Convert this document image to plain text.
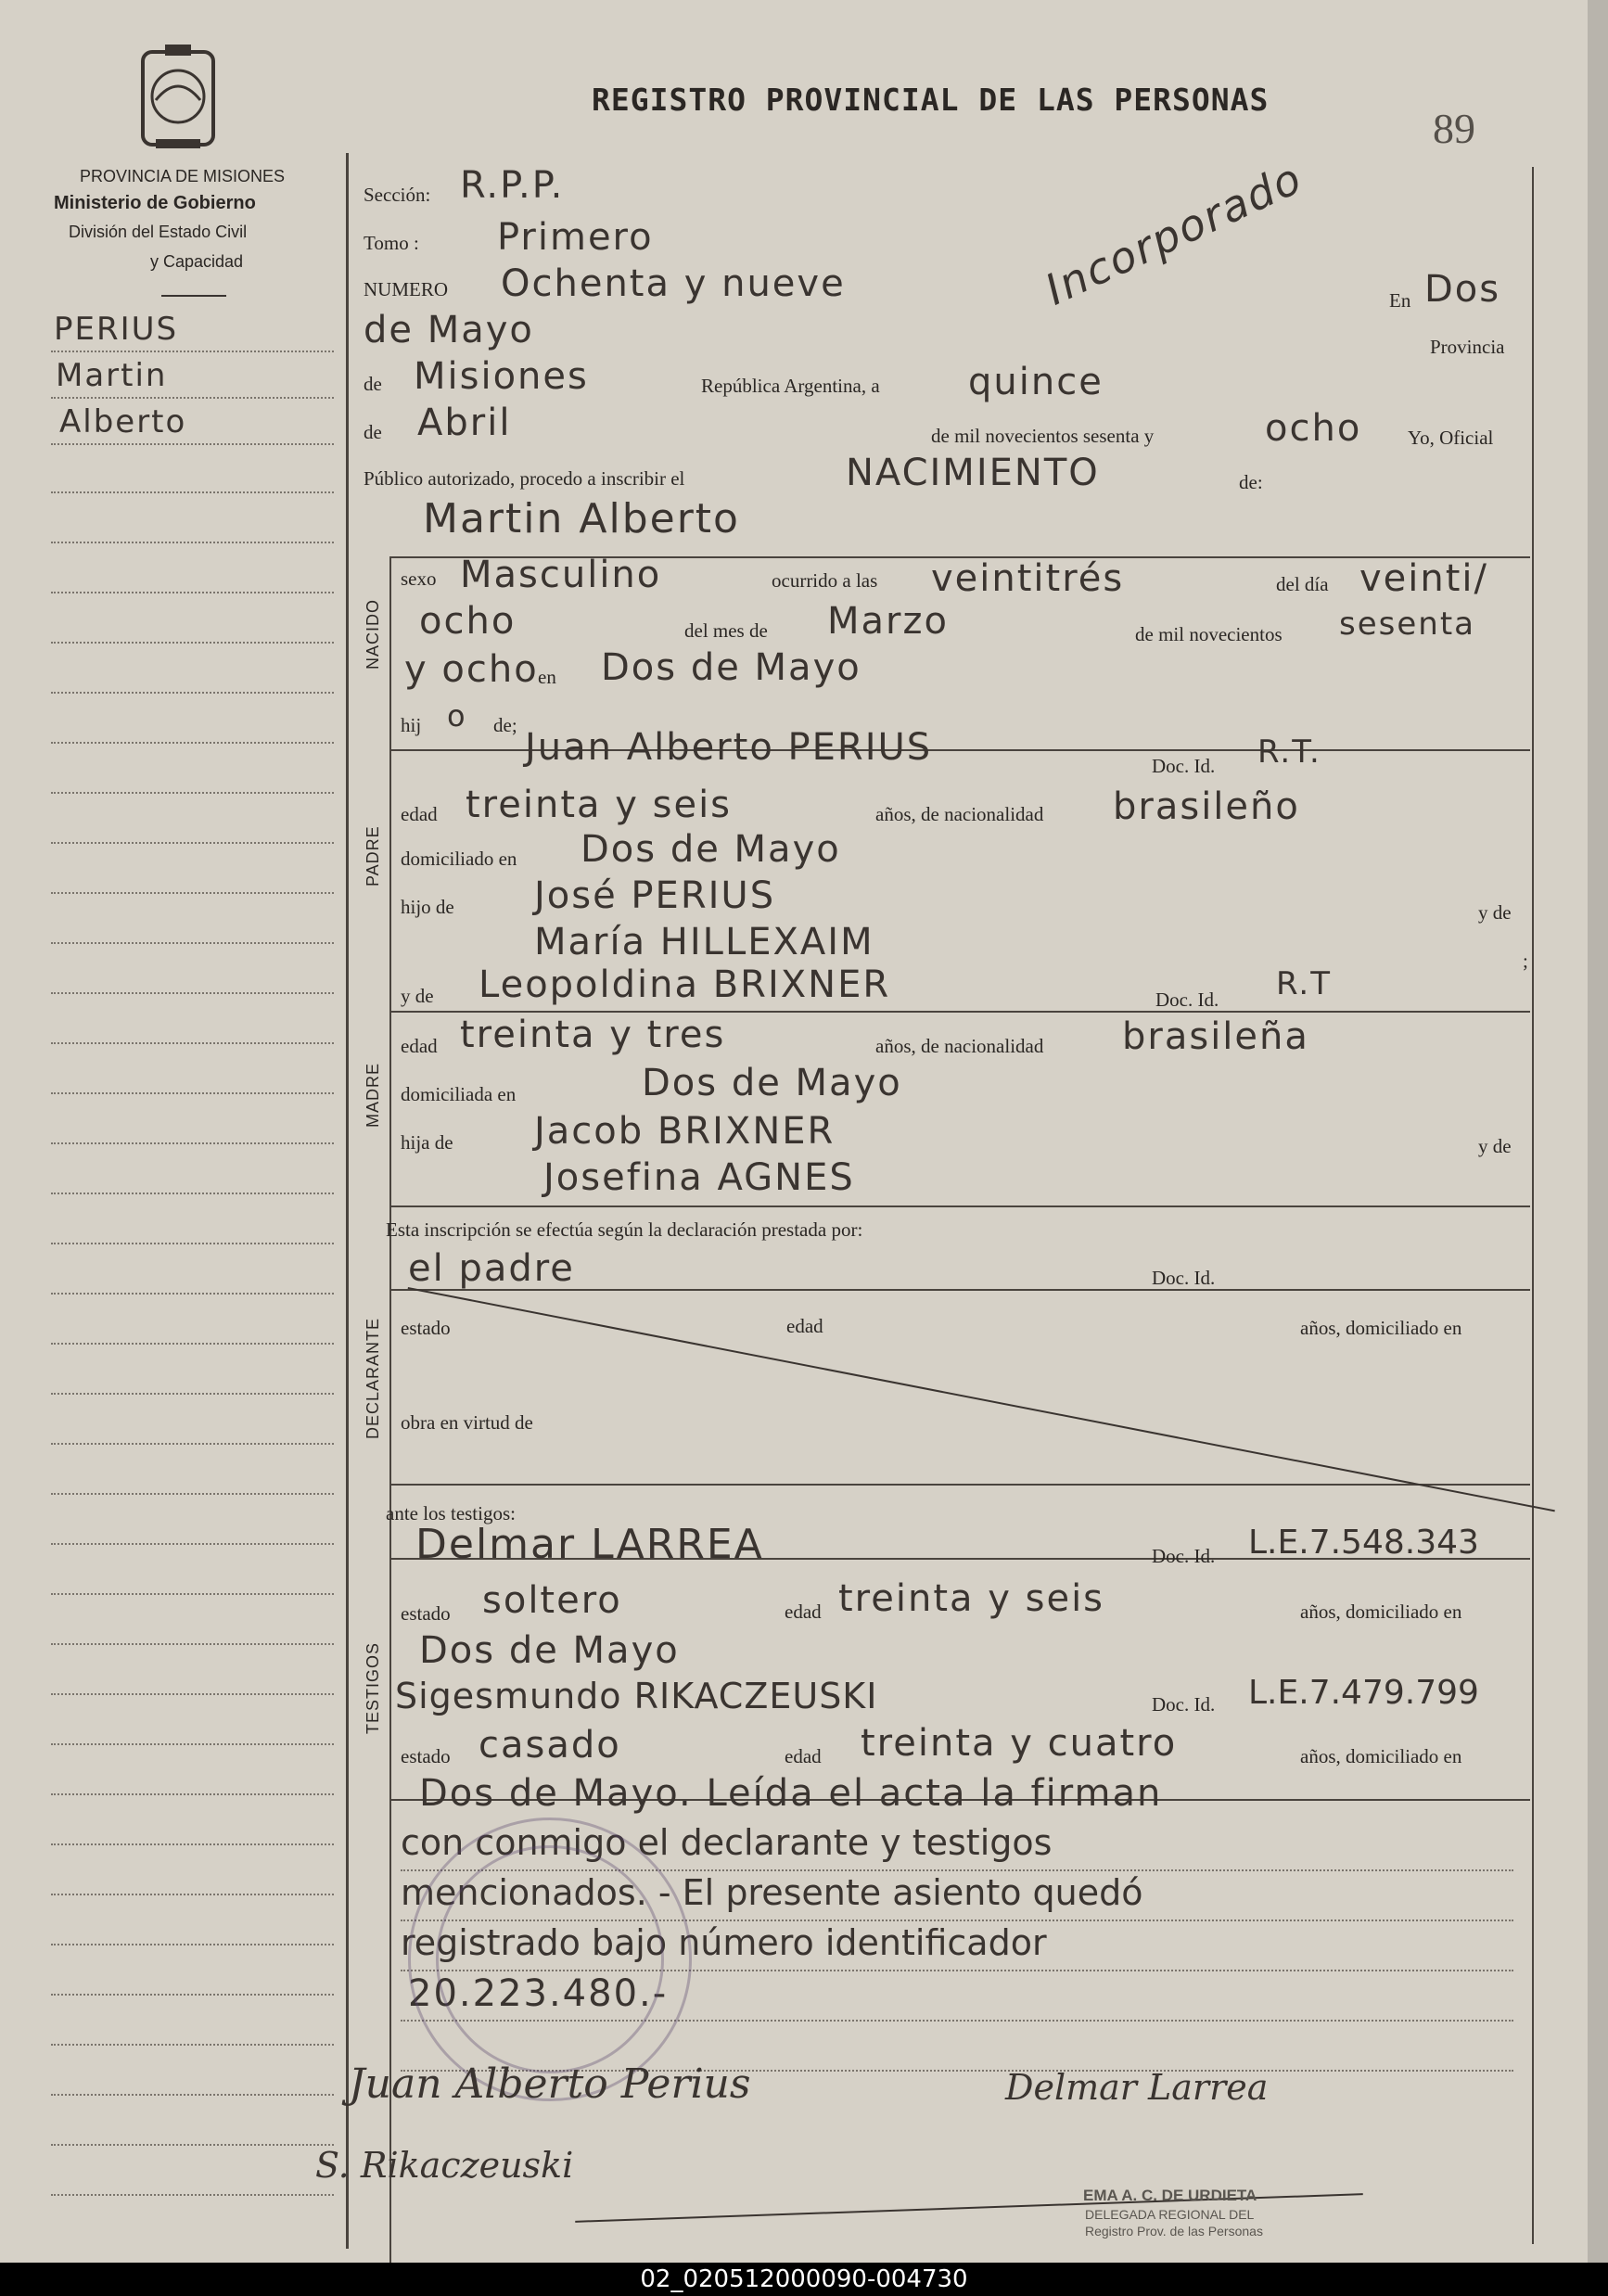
PROVINCIA DE MISIONES
Ministerio de Gobierno
División del Estado Civil
y Capacidad
REGISTRO PROVINCIAL DE LAS PERSONAS
89
Incorporado
PERIUS
Martin
Alberto
NACIDO
PADRE
MADRE
DECLARANTE
TESTIGOS
Sección: R.P.P.
Tomo : Primero
NUMERO Ochenta y nueve	En Dos
de Mayo	Provincia
de Misiones	República Argentina, a quince
de Abril	de mil novecientos sesenta y	ocho Yo, Oficial
Público autorizado, procedo a inscribir el	NACIMIENTO	de:
Martin Alberto
sexo Masculino	ocurrido a las veintitrés	del día veinti/
ocho	del mes de Marzo	de mil novecientos sesenta
y ocho en Dos de Mayo
hij o de;
Juan Alberto PERIUS	Doc. Id. R.T.
edad treinta y seis	años, de nacionalidad brasileño
domiciliado en Dos de Mayo
hijo de José PERIUS	y de
María HILLEXAIM	;
y de Leopoldina BRIXNER	Doc. Id. R.T
edad treinta y tres	años, de nacionalidad brasileña
domiciliada en	Dos de Mayo
hija de Jacob BRIXNER	y de
Josefina AGNES
Esta inscripción se efectúa según la declaración prestada por:
el padre	Doc. Id.
estado	edad	años, domiciliado en
obra en virtud de
ante los testigos:
Delmar LARREA	Doc. Id. L.E.7.548.343
estado soltero	edad treinta y seis	años, domiciliado en
Dos de Mayo
Sigesmundo RIKACZEUSKI	Doc. Id. L.E.7.479.799
estado casado	edad treinta y cuatro	años, domiciliado en
Dos de Mayo. Leída el acta la firman
con conmigo el declarante y testigos
mencionados. - El presente asiento quedó
registrado bajo número identificador
20.223.480.-
Juan Alberto Perius	Delmar Larrea
S. Rikaczeuski
EMA A. C. DE URDIETA
DELEGADA REGIONAL DEL
Registro Prov. de las Personas
02_020512000090-004730
